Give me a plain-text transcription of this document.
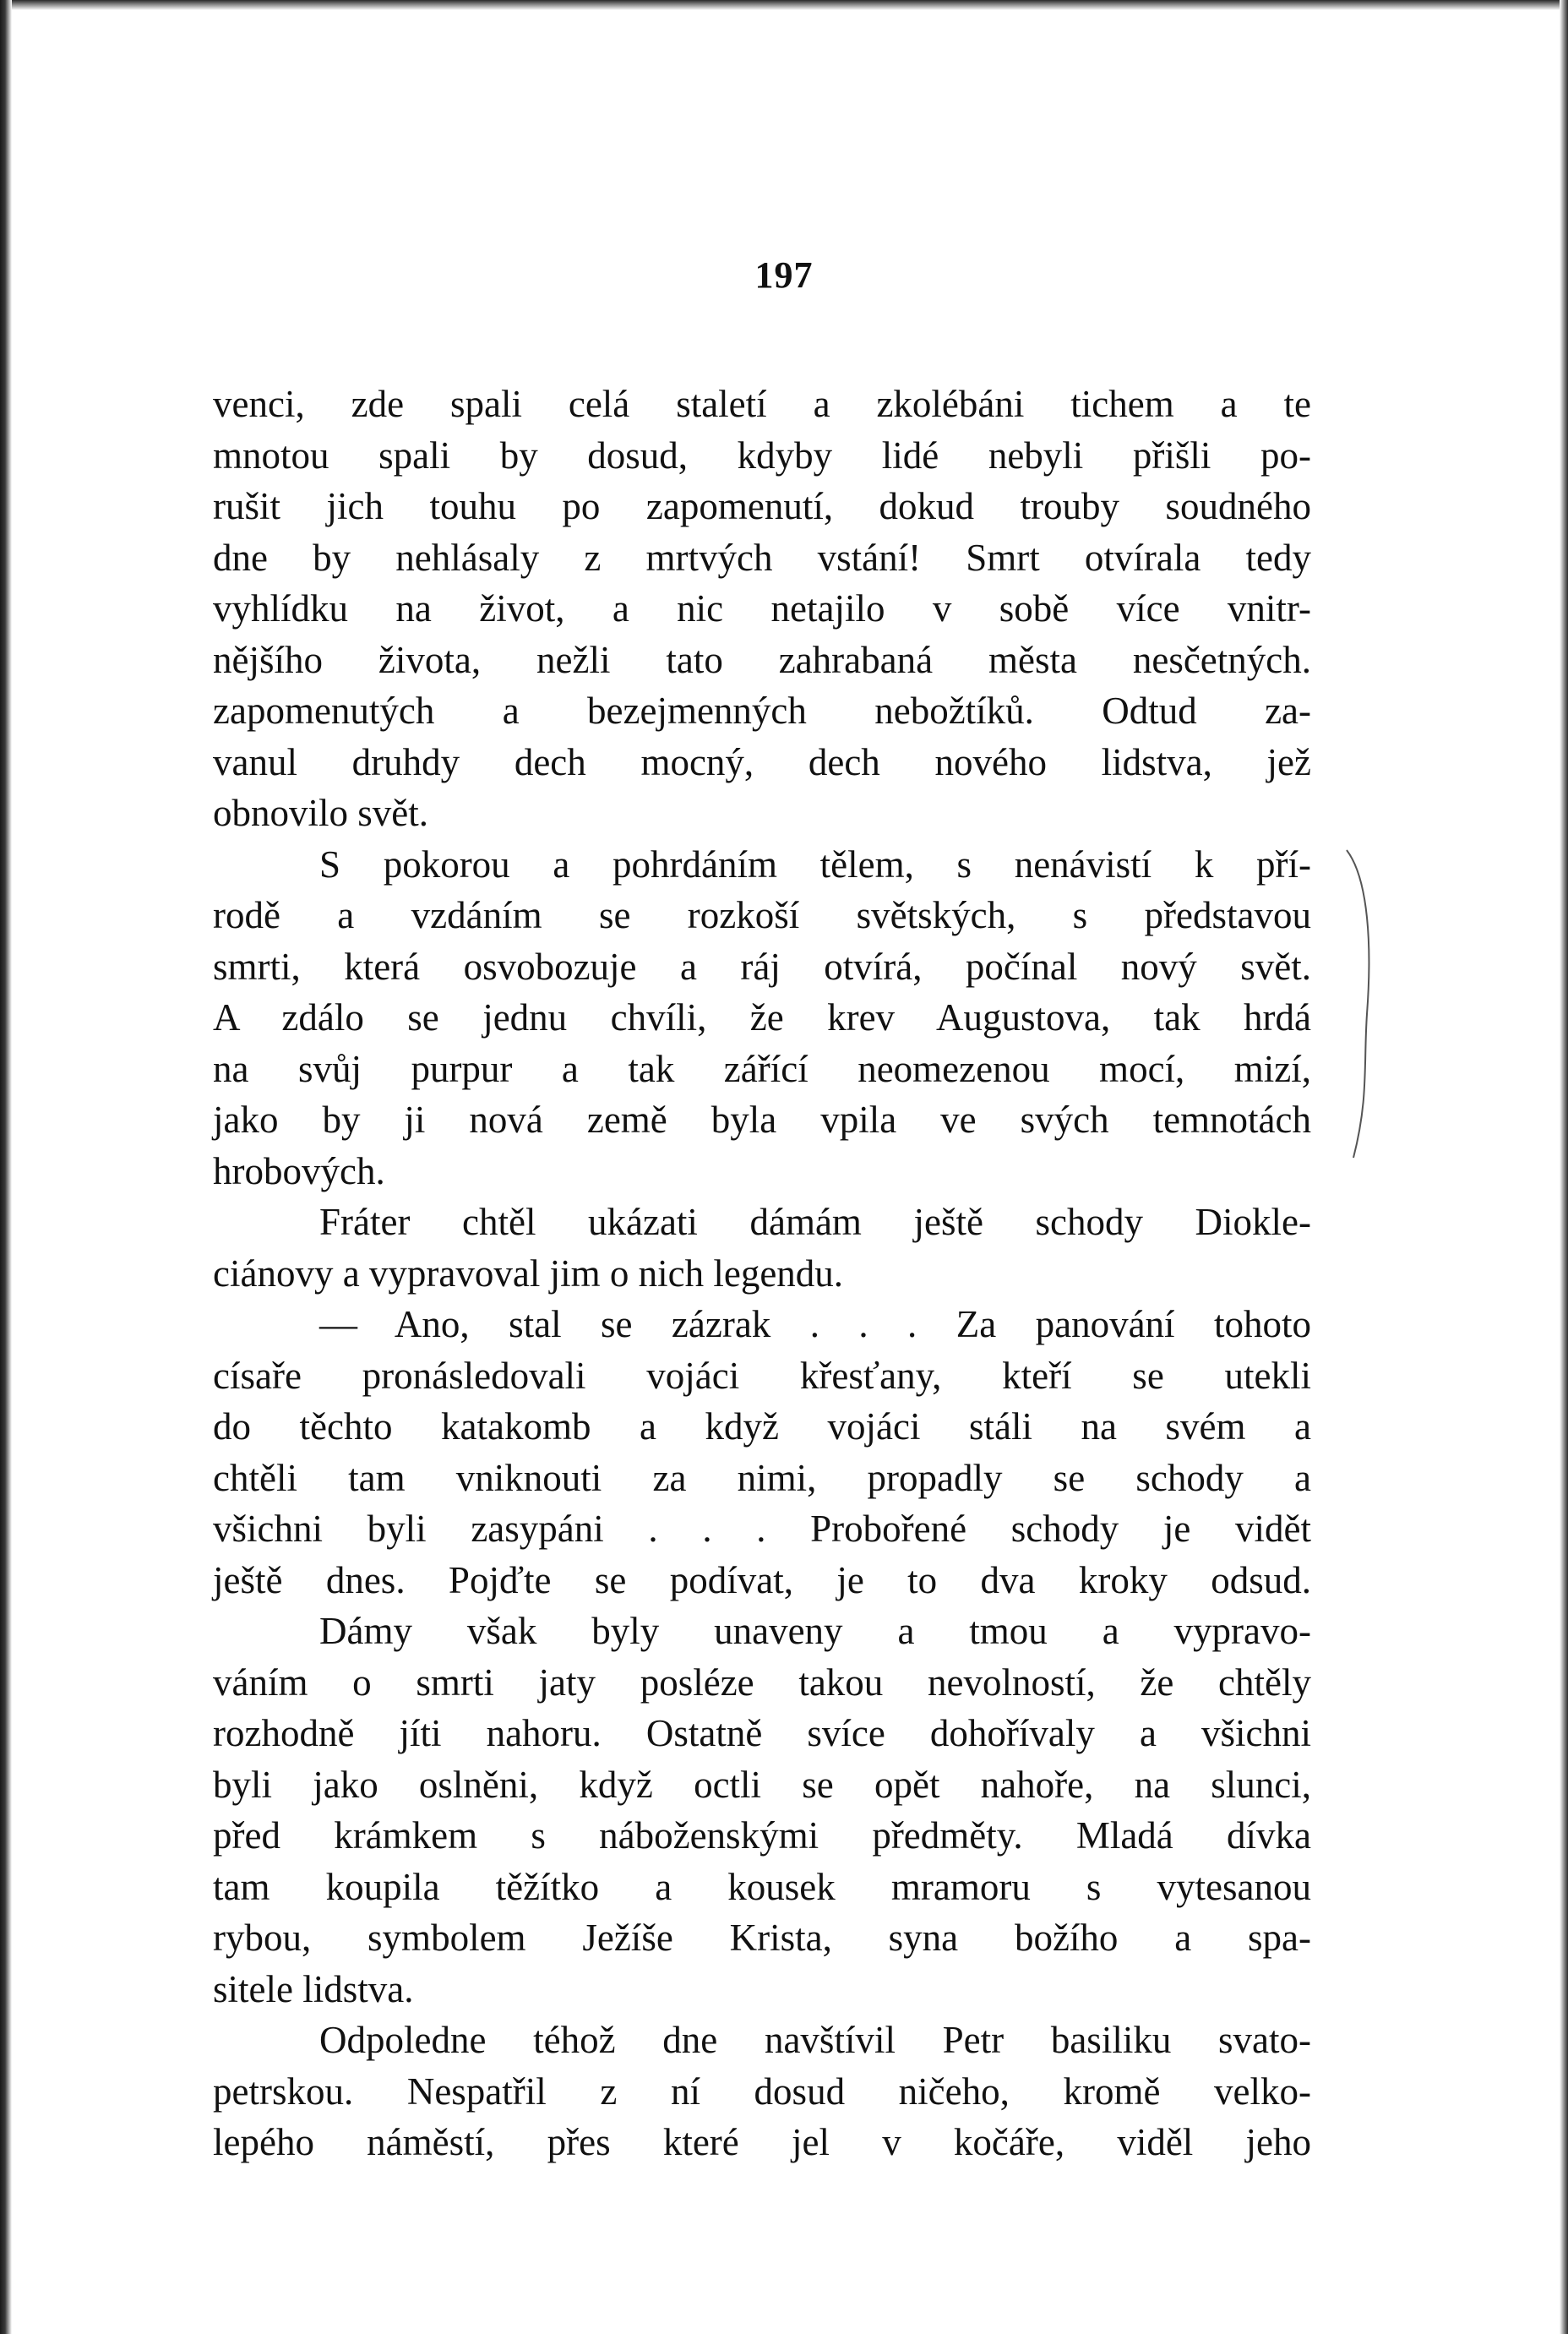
197
venci, zde spali celá staletí a zkolébáni tichem a te
mnotou spali by dosud, kdyby lidé nebyli přišli po-
rušit jich touhu po zapomenutí, dokud trouby soudného
dne by nehlásaly z mrtvých vstání! Smrt otvírala tedy
vyhlídku na život, a nic netajilo v sobě více vnitr-
nějšího života, nežli tato zahrabaná města nesčetných.
zapomenutých a bezejmenných nebožtíků. Odtud za-
vanul druhdy dech mocný, dech nového lidstva, jež
obnovilo svět.
S pokorou a pohrdáním tělem, s nenávistí k pří-
rodě a vzdáním se rozkoší světských, s představou
smrti, která osvobozuje a ráj otvírá, počínal nový svět.
A zdálo se jednu chvíli, že krev Augustova, tak hrdá
na svůj purpur a tak zářící neomezenou mocí, mizí,
jako by ji nová země byla vpila ve svých temnotách
hrobových.
Fráter chtěl ukázati dámám ještě schody Diokle-
ciánovy a vypravoval jim o nich legendu.
— Ano, stal se zázrak . . . Za panování tohoto
císaře pronásledovali vojáci křesťany, kteří se utekli
do těchto katakomb a když vojáci stáli na svém a
chtěli tam vniknouti za nimi, propadly se schody a
všichni byli zasypáni . . . Probořené schody je vidět
ještě dnes. Pojďte se podívat, je to dva kroky odsud.
Dámy však byly unaveny a tmou a vypravo-
váním o smrti jaty posléze takou nevolností, že chtěly
rozhodně jíti nahoru. Ostatně svíce dohořívaly a všichni
byli jako oslněni, když octli se opět nahoře, na slunci,
před krámkem s náboženskými předměty. Mladá dívka
tam koupila těžítko a kousek mramoru s vytesanou
rybou, symbolem Ježíše Krista, syna božího a spa-
sitele lidstva.
Odpoledne téhož dne navštívil Petr basiliku svato-
petrskou. Nespatřil z ní dosud ničeho, kromě velko-
lepého náměstí, přes které jel v kočáře, viděl jeho
